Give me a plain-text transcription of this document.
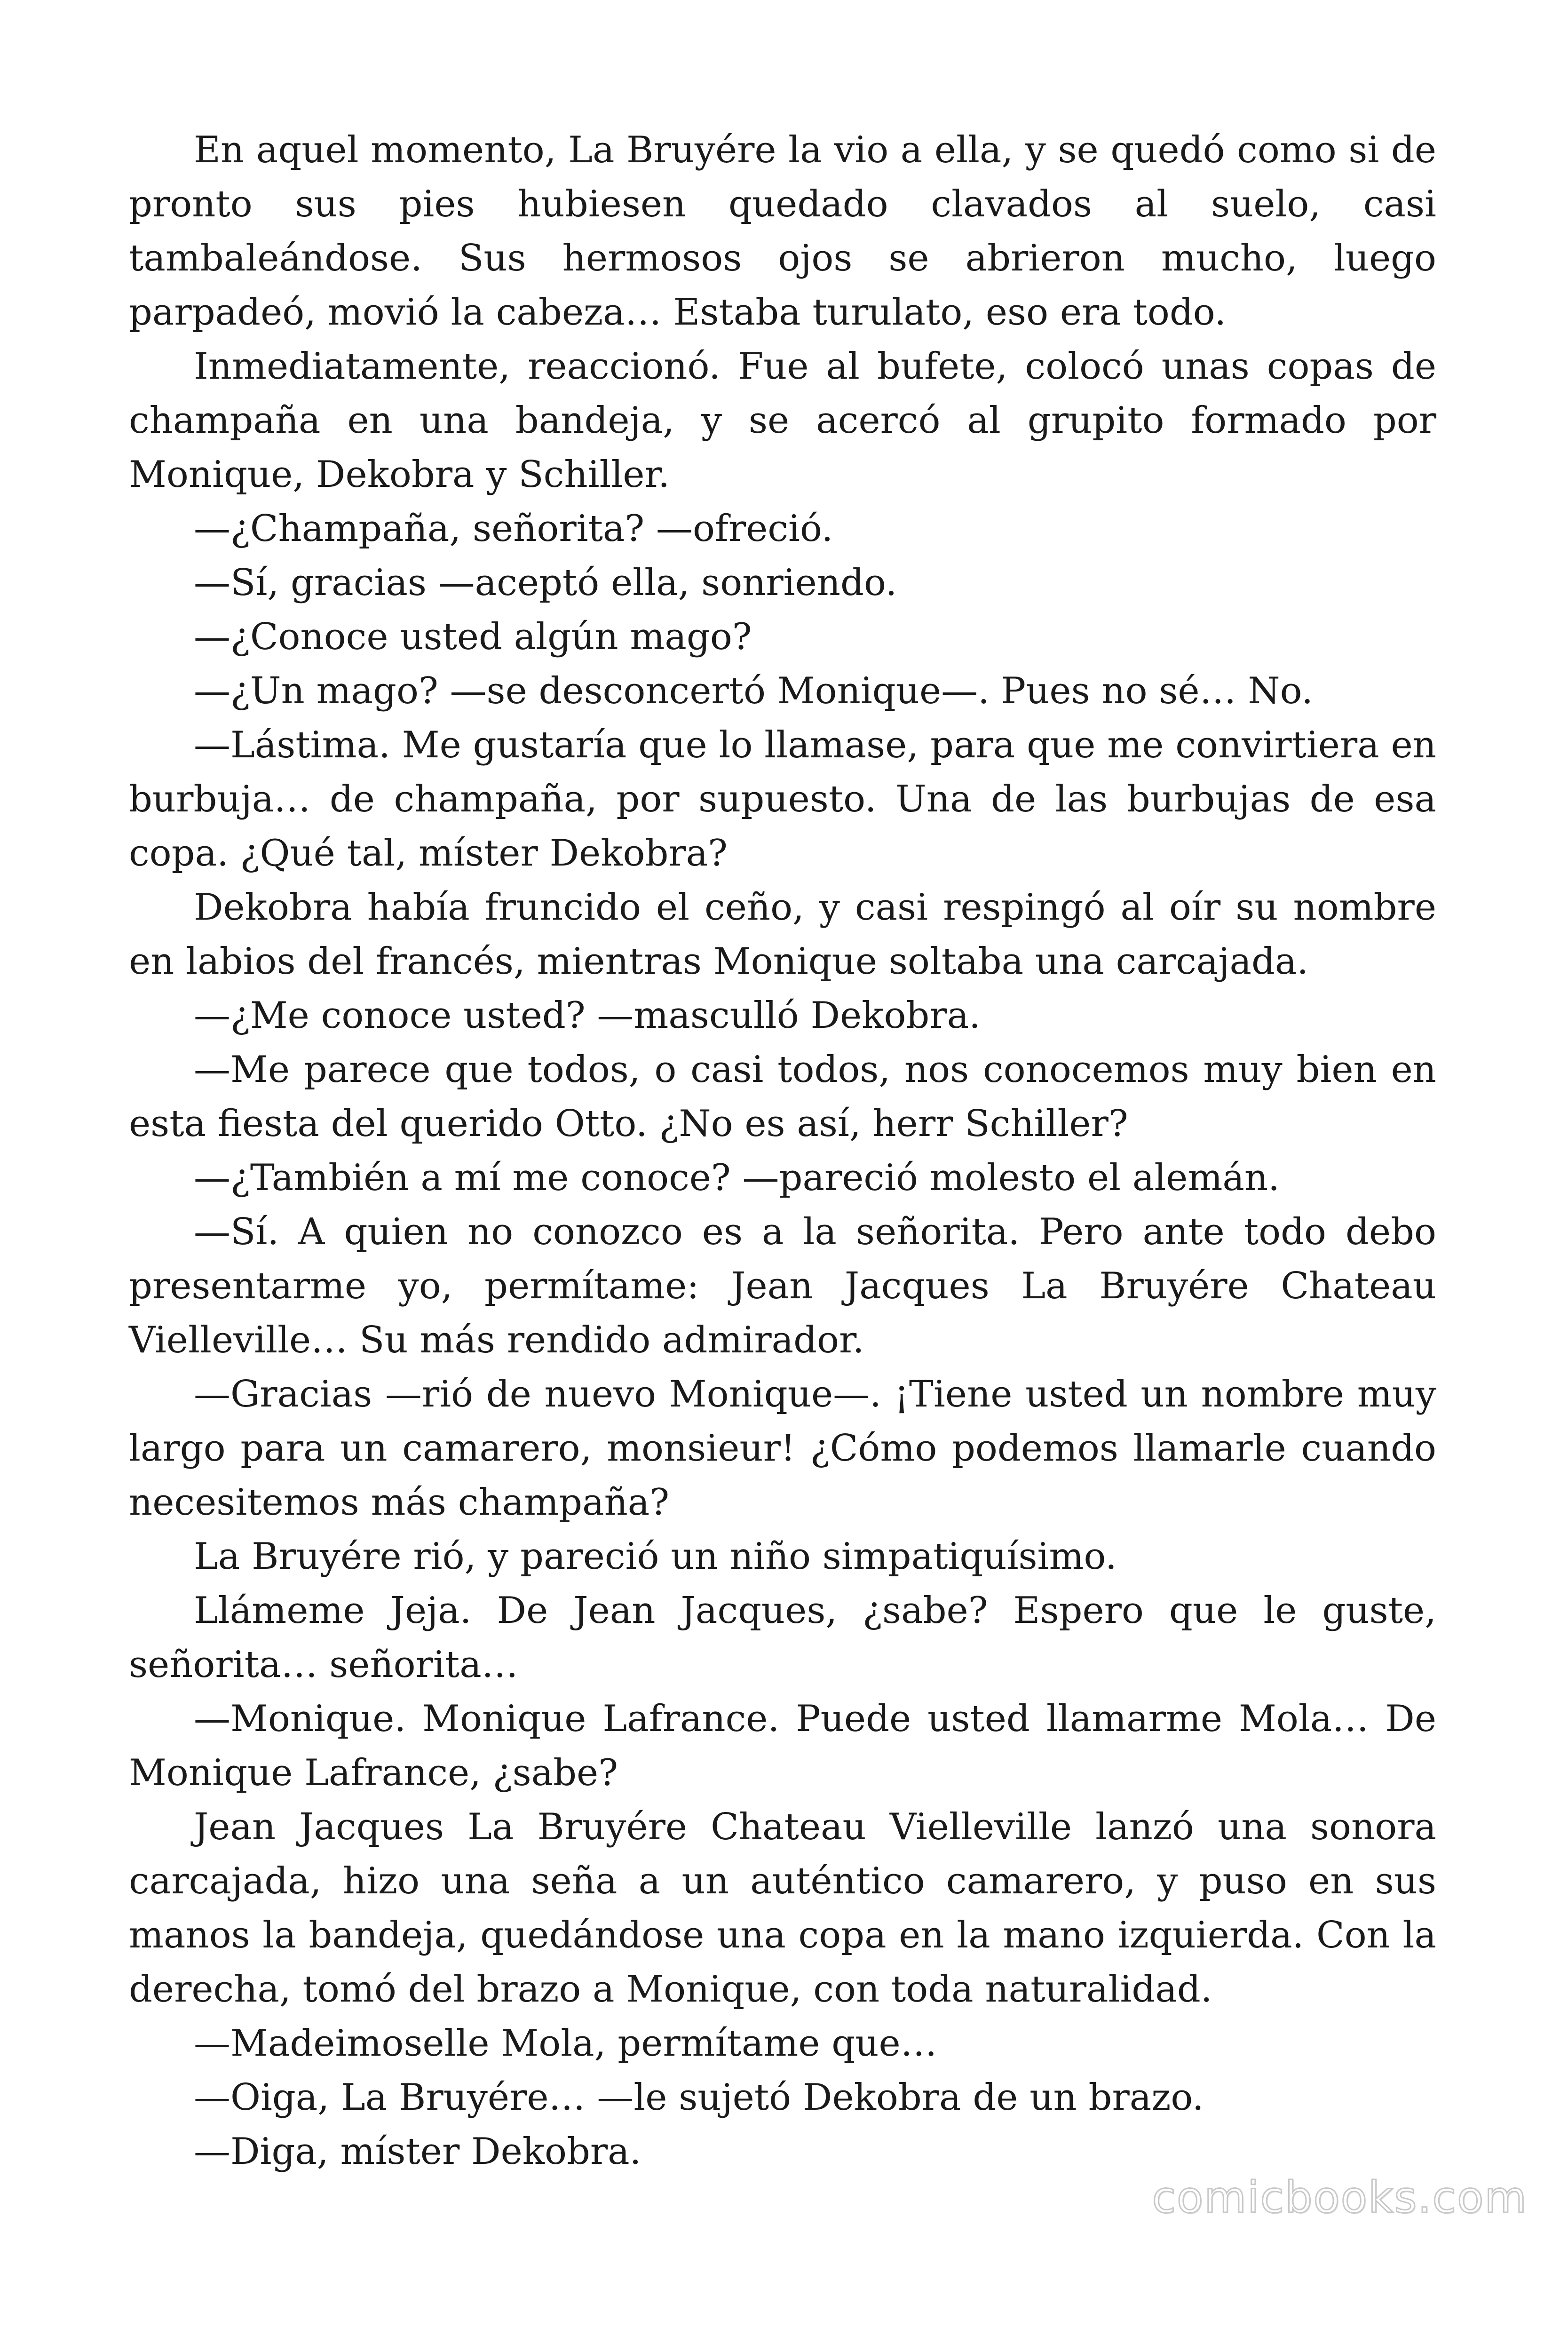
En aquel momento, La Bruyére la vio a ella, y se quedó como si de pronto sus pies hubiesen quedado clavados al suelo, casi tambaleándose. Sus hermosos ojos se abrieron mucho, luego parpadeó, movió la cabeza… Estaba turulato, eso era todo.

Inmediatamente, reaccionó. Fue al bufete, colocó unas copas de champaña en una bandeja, y se acercó al grupito formado por Monique, Dekobra y Schiller.

—¿Champaña, señorita? —ofreció.

—Sí, gracias —aceptó ella, sonriendo.

—¿Conoce usted algún mago?

—¿Un mago? —se desconcertó Monique—. Pues no sé… No.

—Lástima. Me gustaría que lo llamase, para que me convirtiera en burbuja… de champaña, por supuesto. Una de las burbujas de esa copa. ¿Qué tal, míster Dekobra?

Dekobra había fruncido el ceño, y casi respingó al oír su nombre en labios del francés, mientras Monique soltaba una carcajada.

—¿Me conoce usted? —mascullό Dekobra.

—Me parece que todos, o casi todos, nos conocemos muy bien en esta fiesta del querido Otto. ¿No es así, herr Schiller?

—¿También a mí me conoce? —pareció molesto el alemán.

—Sí. A quien no conozco es a la señorita. Pero ante todo debo presentarme yo, permítame: Jean Jacques La Bruyére Chateau Vielleville… Su más rendido admirador.

—Gracias —rió de nuevo Monique—. ¡Tiene usted un nombre muy largo para un camarero, monsieur! ¿Cómo podemos llamarle cuando necesitemos más champaña?

La Bruyére rió, y pareció un niño simpatiquísimo.

Llámeme Jeja. De Jean Jacques, ¿sabe? Espero que le guste, señorita… señorita…

—Monique. Monique Lafrance. Puede usted llamarme Mola… De Monique Lafrance, ¿sabe?

Jean Jacques La Bruyére Chateau Vielleville lanzó una sonora carcajada, hizo una seña a un auténtico camarero, y puso en sus manos la bandeja, quedándose una copa en la mano izquierda. Con la derecha, tomó del brazo a Monique, con toda naturalidad.

—Madeimoselle Mola, permítame que…

—Oiga, La Bruyére… —le sujetó Dekobra de un brazo.

—Diga, míster Dekobra.

comicbooks.com
